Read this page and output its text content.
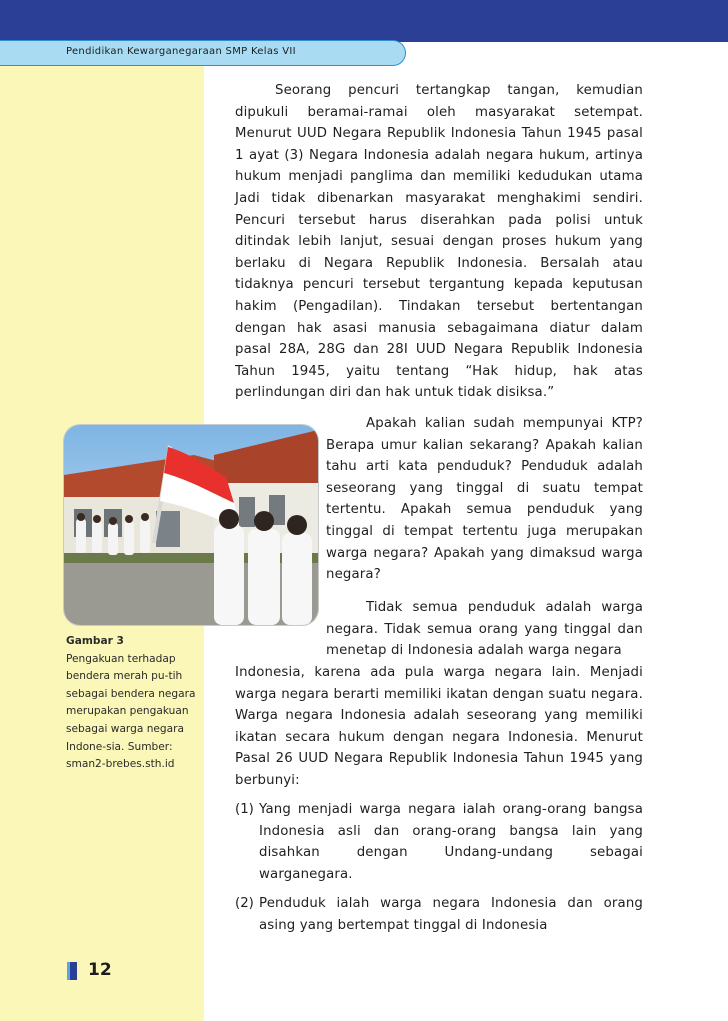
Pendidikan Kewarganegaraan SMP Kelas VII

Seorang pencuri tertangkap tangan, kemudian dipukuli beramai-ramai oleh masyarakat setempat. Menurut UUD Negara Republik Indonesia Tahun 1945 pasal 1 ayat (3) Negara Indonesia adalah negara hukum, artinya hukum menjadi panglima dan memiliki kedudukan utama Jadi tidak dibenarkan masyarakat menghakimi sendiri. Pencuri tersebut harus diserahkan pada polisi untuk ditindak lebih lanjut, sesuai dengan proses hukum yang berlaku di Negara Republik Indonesia. Bersalah atau tidaknya pencuri tersebut tergantung kepada keputusan hakim (Pengadilan). Tindakan tersebut bertentangan dengan hak asasi manusia sebagaimana diatur dalam pasal 28A, 28G dan 28I UUD Negara Republik Indonesia Tahun 1945, yaitu tentang “Hak hidup, hak atas perlindungan diri dan hak untuk tidak disiksa.”

Apakah kalian sudah mempunyai KTP? Berapa umur kalian sekarang? Apakah kalian tahu arti kata penduduk? Penduduk adalah seseorang yang tinggal di suatu tempat tertentu. Apakah semua penduduk yang tinggal di tempat tertentu juga merupakan warga negara? Apakah yang dimaksud warga negara?

Tidak semua penduduk adalah warga negara. Tidak semua orang yang tinggal dan menetap di Indonesia adalah warga negara

Gambar 3
Pengakuan terhadap bendera merah pu-tih sebagai bendera negara merupakan pengakuan sebagai warga negara Indone-sia. Sumber: sman2-brebes.sth.id

Indonesia, karena ada pula warga negara lain. Menjadi warga negara berarti memiliki ikatan dengan suatu negara. Warga negara Indonesia adalah seseorang yang memiliki ikatan secara hukum dengan negara Indonesia. Menurut Pasal 26 UUD Negara Republik Indonesia Tahun 1945 yang berbunyi:

(1) Yang menjadi warga negara ialah orang-orang bangsa Indonesia asli dan orang-orang bangsa lain yang disahkan dengan Undang-undang sebagai warganegara.
(2) Penduduk ialah warga negara Indonesia dan orang asing yang bertempat tinggal di Indonesia
12
